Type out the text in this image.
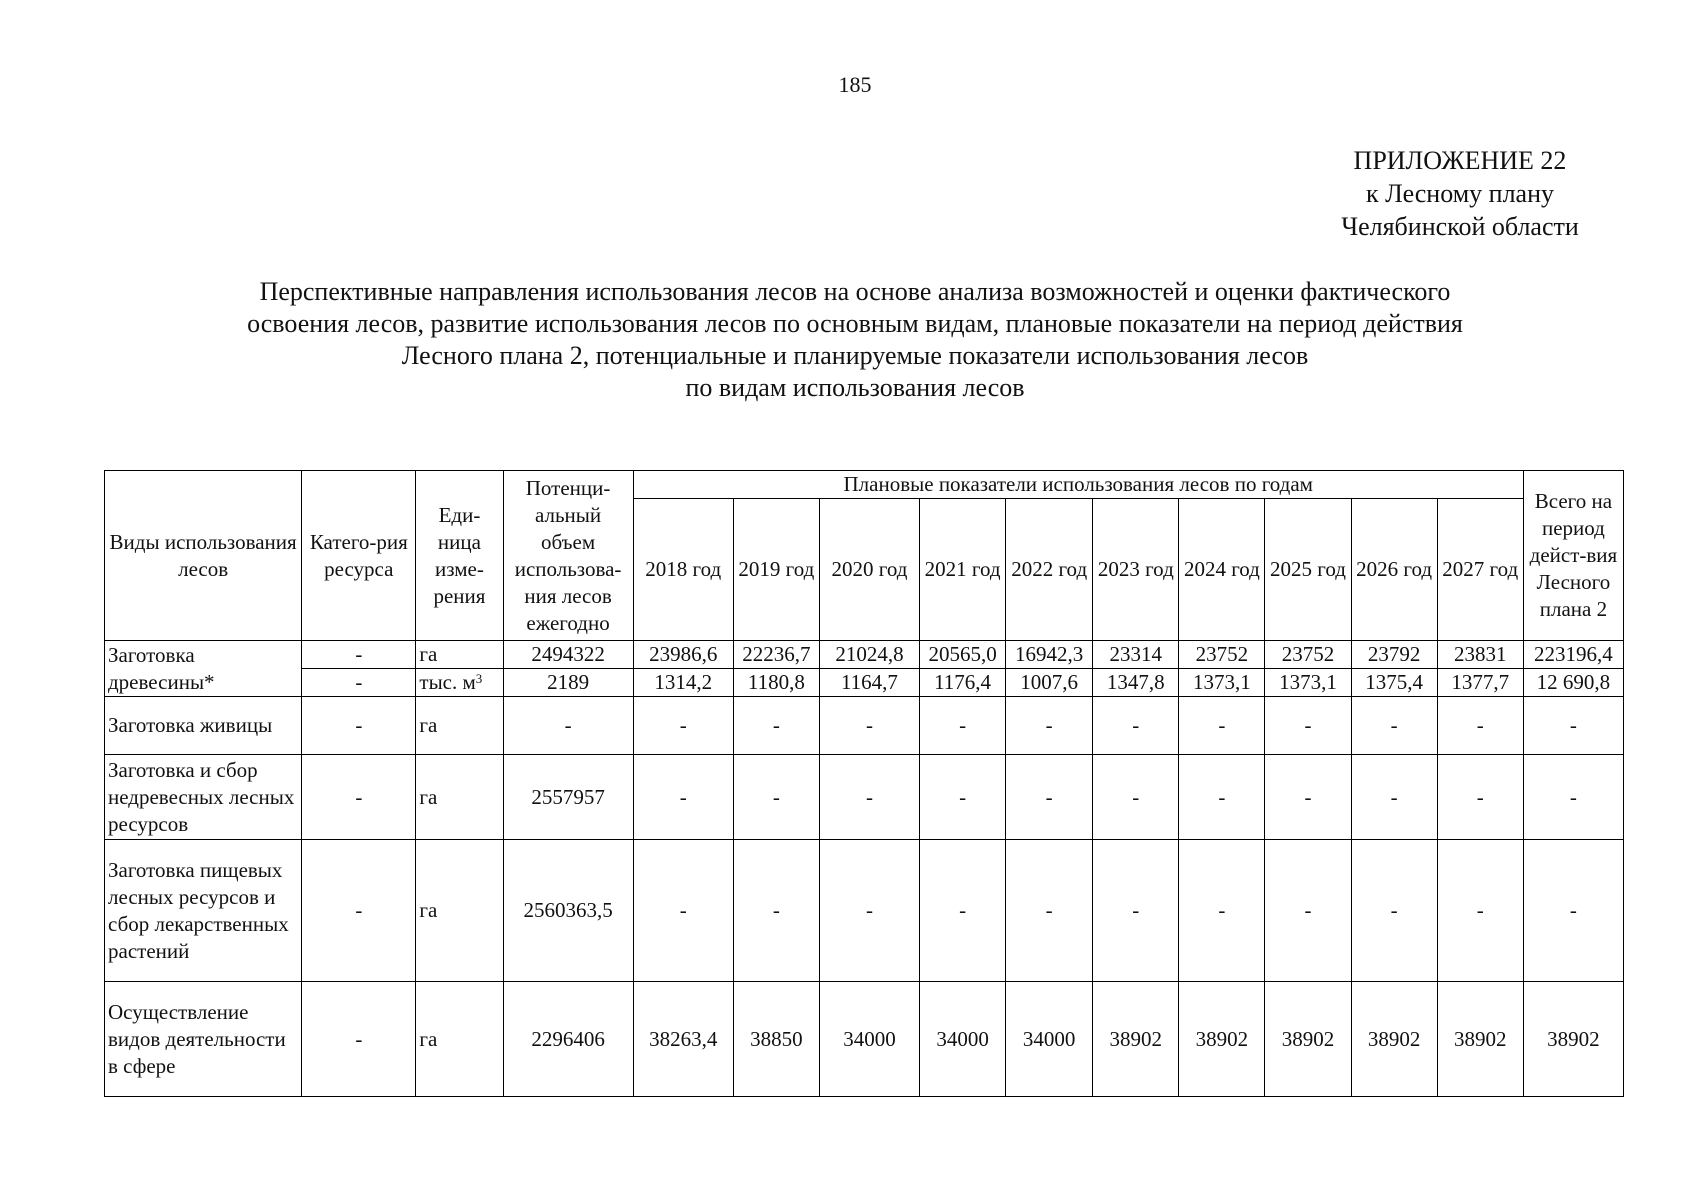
185
ПРИЛОЖЕНИЕ 22
к Лесному плану
Челябинской области
Перспективные направления использования лесов на основе анализа возможностей и оценки фактического
освоения лесов, развитие использования лесов по основным видам, плановые показатели на период действия
Лесного плана 2, потенциальные и планируемые показатели использования лесов
по видам использования лесов
Виды использования лесов	Катего-рия ресурса	Еди-ница изме-рения	Потенци-альный объем использова-ния лесов ежегодно	Плановые показатели использования лесов по годам										Всего на период дейст-вия Лесного плана 2
				2018 год	2019 год	2020 год	2021 год	2022 год	2023 год	2024 год	2025 год	2026 год	2027 год	
Заготовка древесины*	-	га	2494322	23986,6	22236,7	21024,8	20565,0	16942,3	23314	23752	23752	23792	23831	223196,4
	-	тыс. $м^3$	2189	1314,2	1180,8	1164,7	1176,4	1007,6	1347,8	1373,1	1373,1	1375,4	1377,7	12 690,8
Заготовка живицы	-	га	-	-	-	-	-	-	-	-	-	-	-	-
Заготовка и сбор недревесных лесных ресурсов	-	га	2557957	-	-	-	-	-	-	-	-	-	-	-
Заготовка пищевых лесных ресурсов и сбор лекарственных растений	-	га	2560363,5	-	-	-	-	-	-	-	-	-	-	-
Осуществление видов деятельности в сфере	-	га	2296406	38263,4	38850	34000	34000	34000	38902	38902	38902	38902	38902	38902
